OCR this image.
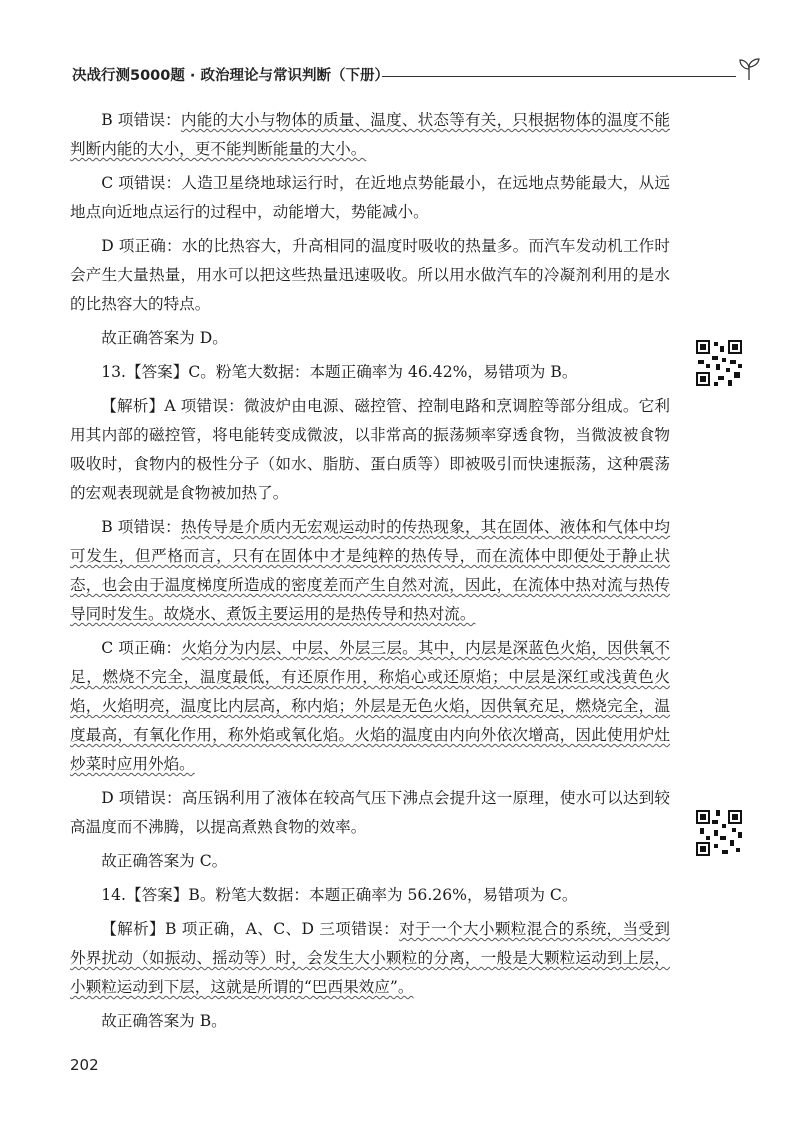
决战行测5000题 · 政治理论与常识判断（下册）

B 项错误：内能的大小与物体的质量、温度、状态等有关，只根据物体的温度不能判断内能的大小，更不能判断能量的大小。

C 项错误：人造卫星绕地球运行时，在近地点势能最小，在远地点势能最大，从远地点向近地点运行的过程中，动能增大，势能减小。

D 项正确：水的比热容大，升高相同的温度时吸收的热量多。而汽车发动机工作时会产生大量热量，用水可以把这些热量迅速吸收。所以用水做汽车的冷凝剂利用的是水的比热容大的特点。

故正确答案为 D。

13.【答案】C。粉笔大数据：本题正确率为 46.42%，易错项为 B。

【解析】A 项错误：微波炉由电源、磁控管、控制电路和烹调腔等部分组成。它利用其内部的磁控管，将电能转变成微波，以非常高的振荡频率穿透食物，当微波被食物吸收时，食物内的极性分子（如水、脂肪、蛋白质等）即被吸引而快速振荡，这种震荡的宏观表现就是食物被加热了。

B 项错误：热传导是介质内无宏观运动时的传热现象，其在固体、液体和气体中均可发生，但严格而言，只有在固体中才是纯粹的热传导，而在流体中即便处于静止状态，也会由于温度梯度所造成的密度差而产生自然对流，因此，在流体中热对流与热传导同时发生。故烧水、煮饭主要运用的是热传导和热对流。

C 项正确：火焰分为内层、中层、外层三层。其中，内层是深蓝色火焰，因供氧不足，燃烧不完全，温度最低，有还原作用，称焰心或还原焰；中层是深红或浅黄色火焰，火焰明亮，温度比内层高，称内焰；外层是无色火焰，因供氧充足，燃烧完全，温度最高，有氧化作用，称外焰或氧化焰。火焰的温度由内向外依次增高，因此使用炉灶炒菜时应用外焰。

D 项错误：高压锅利用了液体在较高气压下沸点会提升这一原理，使水可以达到较高温度而不沸腾，以提高煮熟食物的效率。

故正确答案为 C。

14.【答案】B。粉笔大数据：本题正确率为 56.26%，易错项为 C。

【解析】B 项正确，A、C、D 三项错误：对于一个大小颗粒混合的系统，当受到外界扰动（如振动、摇动等）时，会发生大小颗粒的分离，一般是大颗粒运动到上层，小颗粒运动到下层，这就是所谓的“巴西果效应”。

故正确答案为 B。

202
